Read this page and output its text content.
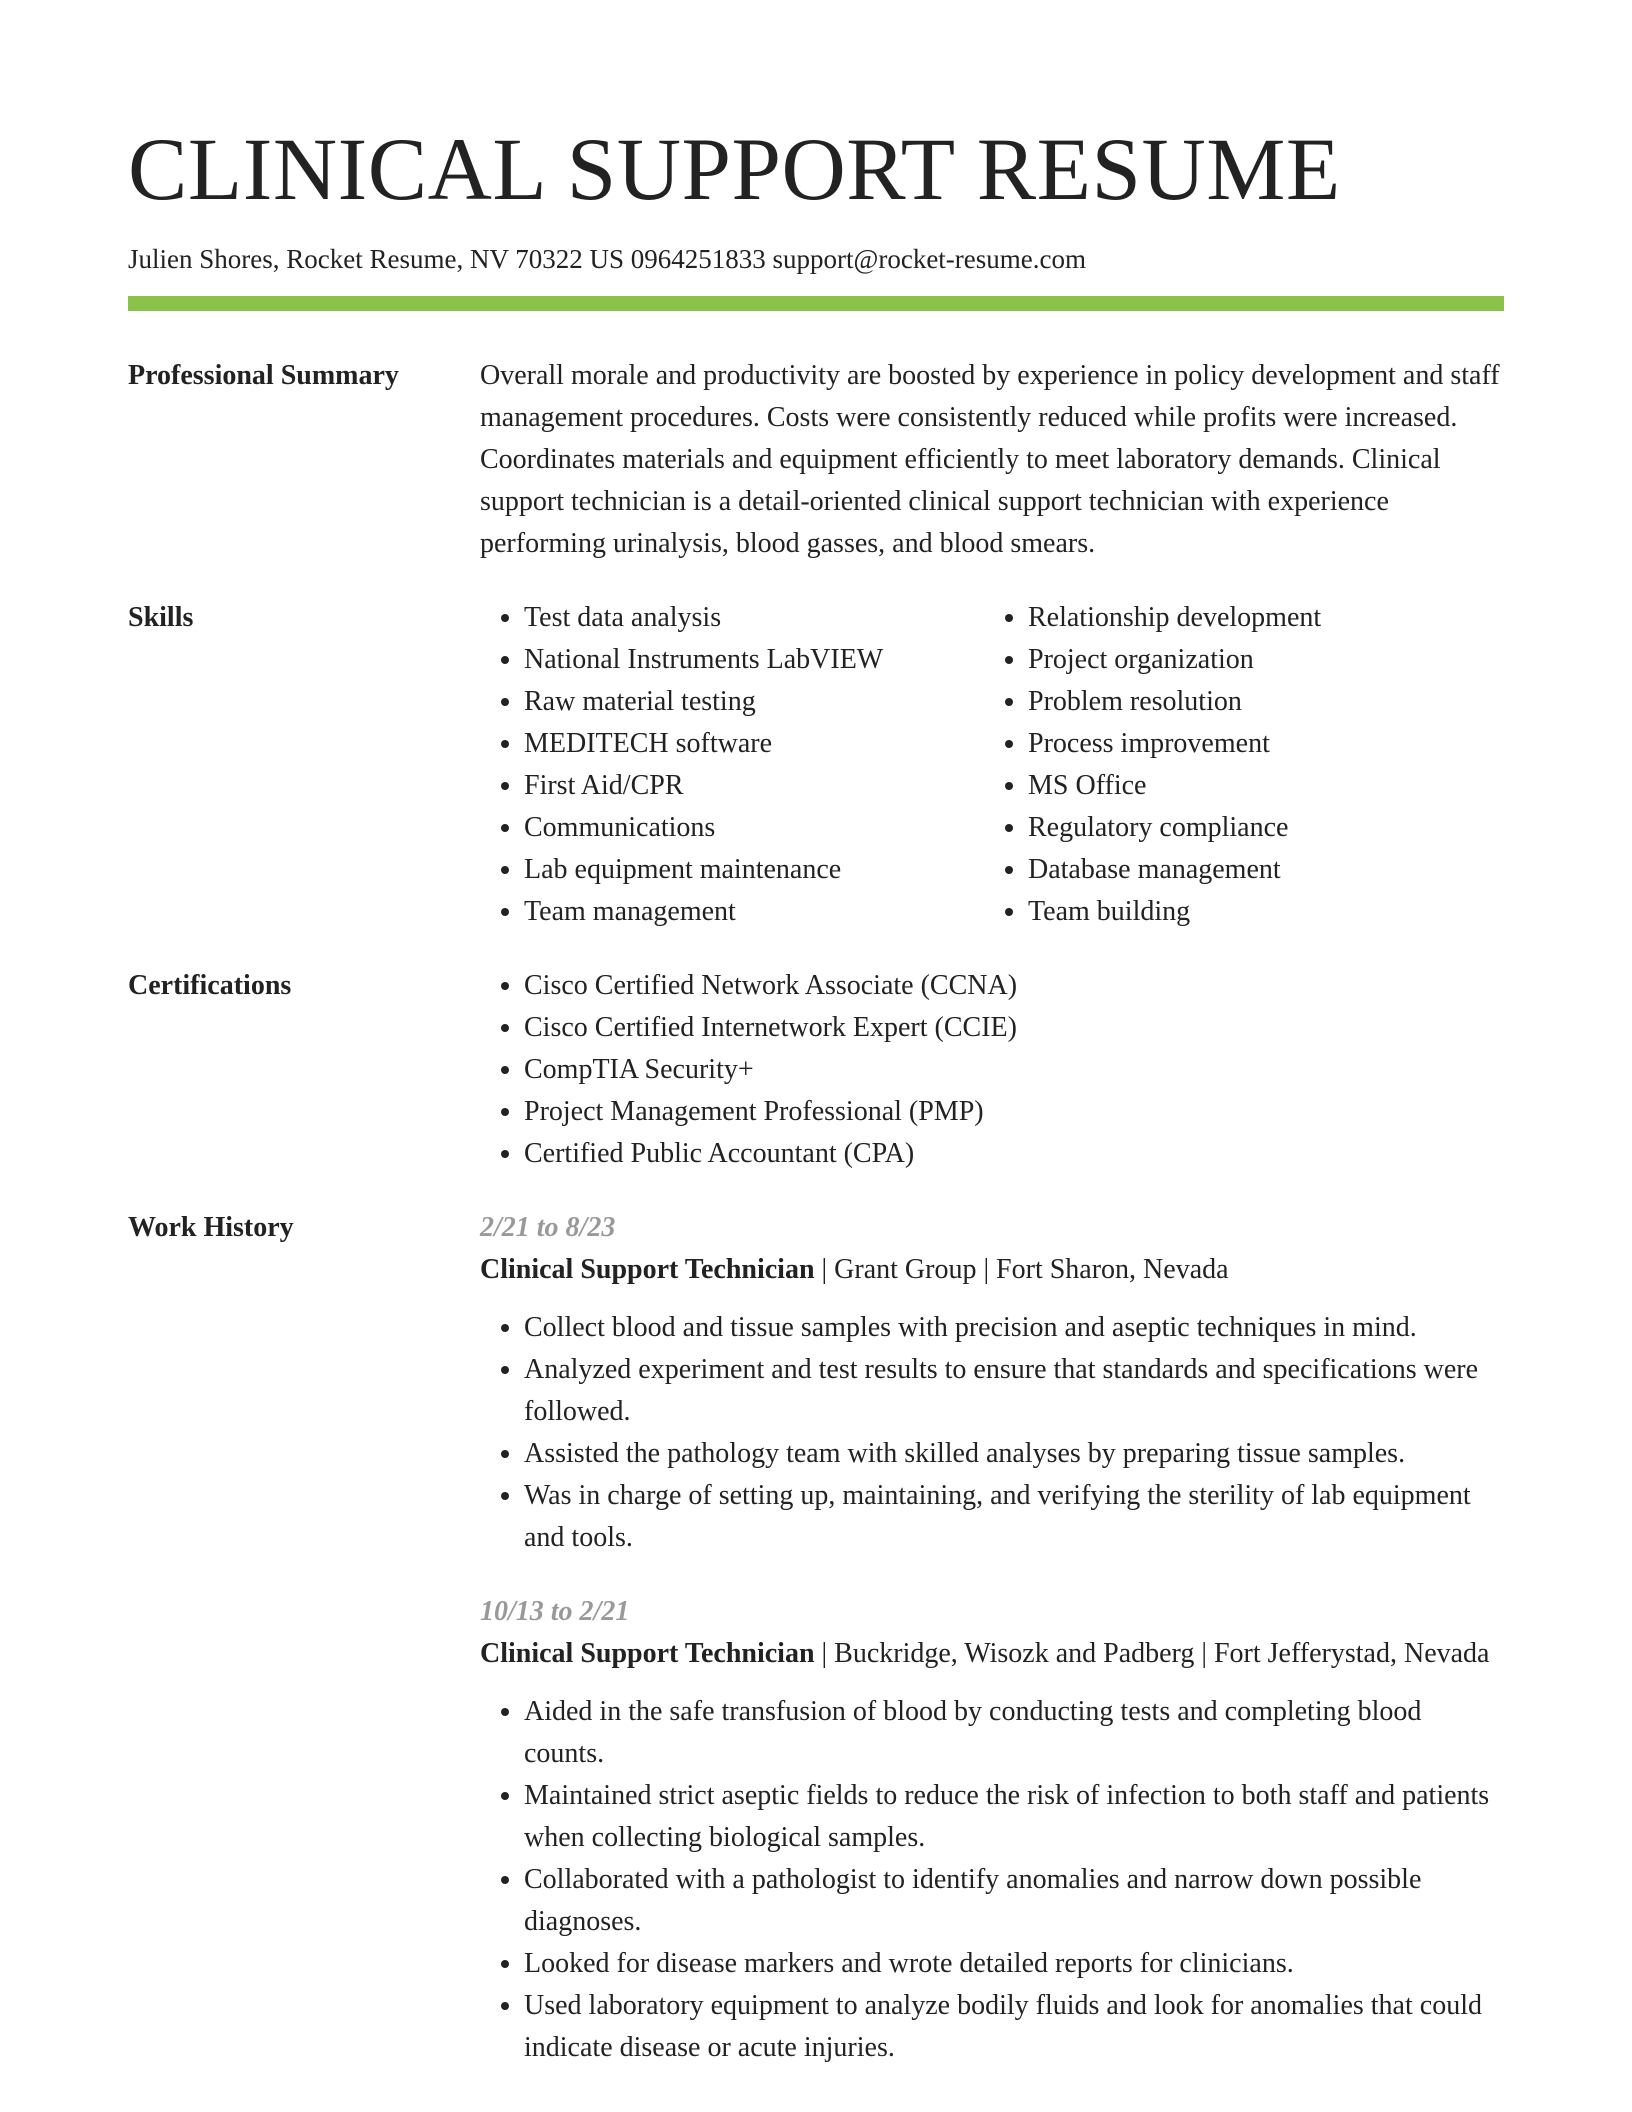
CLINICAL SUPPORT RESUME
Julien Shores, Rocket Resume, NV 70322 US 0964251833 support@rocket-resume.com
Professional Summary	Overall morale and productivity are boosted by experience in policy development and staff management procedures. Costs were consistently reduced while profits were increased. Coordinates materials and equipment efficiently to meet laboratory demands. Clinical support technician is a detail-oriented clinical support technician with experience performing urinalysis, blood gasses, and blood smears.
Skills	• Test data analysis
• National Instruments LabVIEW
• Raw material testing
• MEDITECH software
• First Aid/CPR
• Communications
• Lab equipment maintenance
• Team management
• Relationship development
• Project organization
• Problem resolution
• Process improvement
• MS Office
• Regulatory compliance
• Database management
• Team building
Certifications	• Cisco Certified Network Associate (CCNA)
• Cisco Certified Internetwork Expert (CCIE)
• CompTIA Security+
• Project Management Professional (PMP)
• Certified Public Accountant (CPA)
Work History	2/21 to 8/23
Clinical Support Technician | Grant Group | Fort Sharon, Nevada
• Collect blood and tissue samples with precision and aseptic techniques in mind.
• Analyzed experiment and test results to ensure that standards and specifications were followed.
• Assisted the pathology team with skilled analyses by preparing tissue samples.
• Was in charge of setting up, maintaining, and verifying the sterility of lab equipment and tools.
10/13 to 2/21
Clinical Support Technician | Buckridge, Wisozk and Padberg | Fort Jefferystad, Nevada
• Aided in the safe transfusion of blood by conducting tests and completing blood counts.
• Maintained strict aseptic fields to reduce the risk of infection to both staff and patients when collecting biological samples.
• Collaborated with a pathologist to identify anomalies and narrow down possible diagnoses.
• Looked for disease markers and wrote detailed reports for clinicians.
• Used laboratory equipment to analyze bodily fluids and look for anomalies that could indicate disease or acute injuries.
